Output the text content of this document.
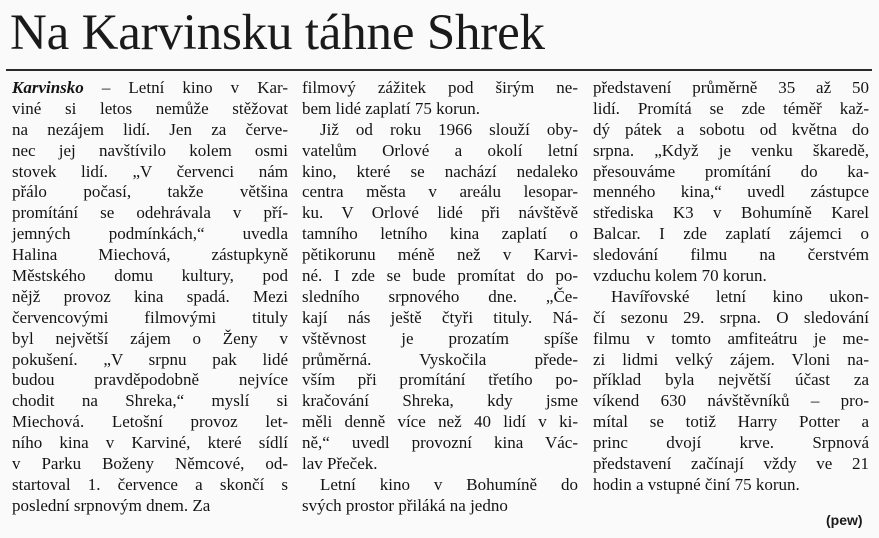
Na Karvinsku táhne Shrek
Karvinsko – Letní kino v Kar-
viné si letos nemůže stěžovat
na nezájem lidí. Jen za červe-
nec jej navštívilo kolem osmi
stovek lidí. „V červenci nám
přálo počasí, takže většina
promítání se odehrávala v pří-
jemných podmínkách,“ uvedla
Halina Miechová, zástupkyně
Městského domu kultury, pod
nějž provoz kina spadá. Mezi
červencovými filmovými tituly
byl největší zájem o Ženy v
pokušení. „V srpnu pak lidé
budou pravděpodobně nejvíce
chodit na Shreka,“ myslí si
Miechová. Letošní provoz let-
ního kina v Karviné, které sídlí
v Parku Boženy Němcové, od-
startoval 1. července a skončí s
poslední srpnovým dnem. Za
filmový zážitek pod širým ne-
bem lidé zaplatí 75 korun.
Již od roku 1966 slouží oby-
vatelům Orlové a okolí letní
kino, které se nachází nedaleko
centra města v areálu lesopar-
ku. V Orlové lidé při návštěvě
tamního letního kina zaplatí o
pětikorunu méně než v Karvi-
né. I zde se bude promítat do po-
sledního srpnového dne. „Če-
kají nás ještě čtyři tituly. Ná-
vštěvnost je prozatím spíše
průměrná. Vyskočila přede-
vším při promítání třetího po-
kračování Shreka, kdy jsme
měli denně více než 40 lidí v ki-
ně,“ uvedl provozní kina Vác-
lav Přeček.
Letní kino v Bohumíně do
svých prostor přiláká na jedno
představení průměrně 35 až 50
lidí. Promítá se zde téměř kaž-
dý pátek a sobotu od května do
srpna. „Když je venku škaredě,
přesouváme promítání do ka-
menného kina,“ uvedl zástupce
střediska K3 v Bohumíně Karel
Balcar. I zde zaplatí zájemci o
sledování filmu na čerstvém
vzduchu kolem 70 korun.
Havířovské letní kino ukon-
čí sezonu 29. srpna. O sledování
filmu v tomto amfiteátru je me-
zi lidmi velký zájem. Vloni na-
příklad byla největší účast za
víkend 630 návštěvníků – pro-
mítal se totiž Harry Potter a
princ dvojí krve. Srpnová
představení začínají vždy ve 21
hodin a vstupné činí 75 korun.
(pew)
